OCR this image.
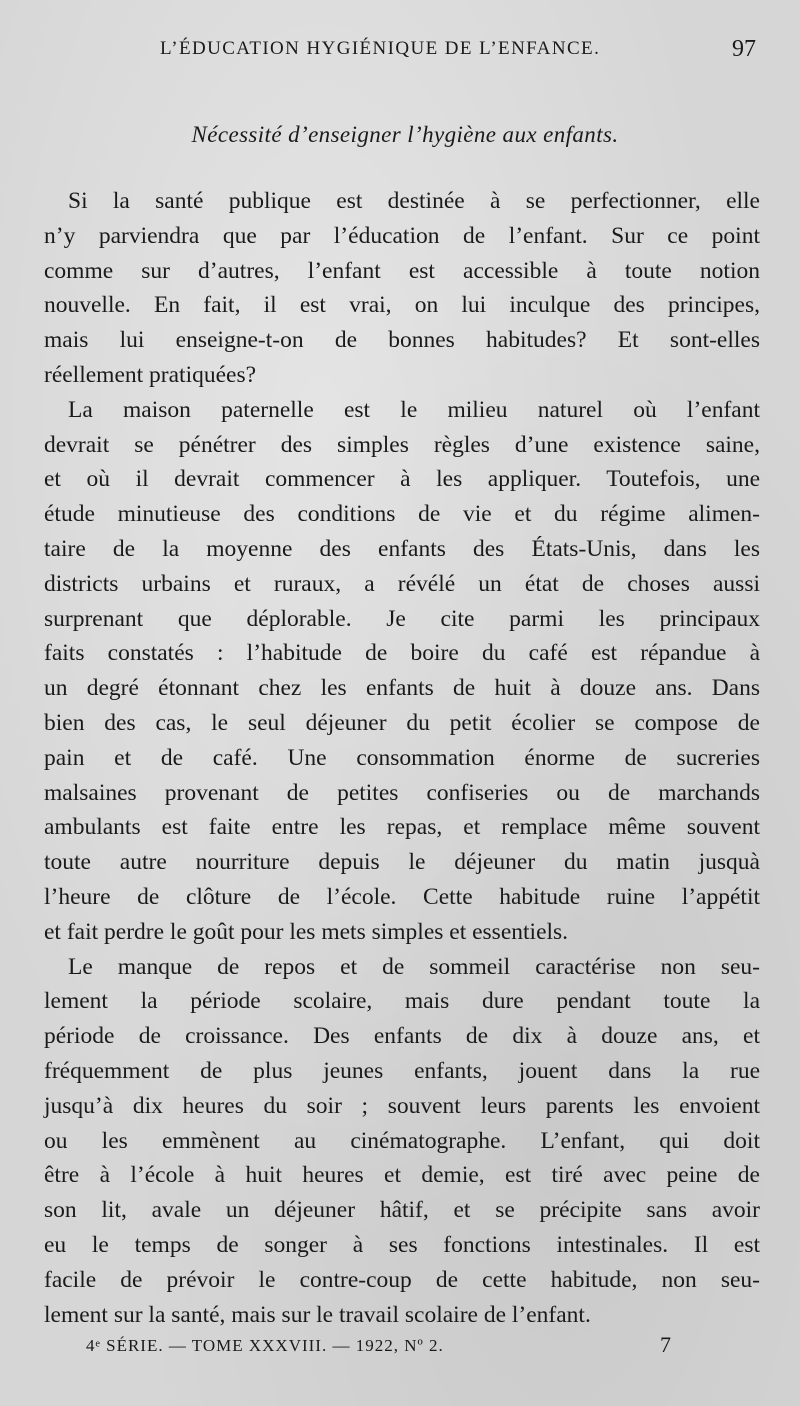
L’ÉDUCATION HYGIÉNIQUE DE L’ENFANCE.	97
Nécessité d’enseigner l’hygiène aux enfants.
Si la santé publique est destinée à se perfectionner, elle
n’y parviendra que par l’éducation de l’enfant. Sur ce point
comme sur d’autres, l’enfant est accessible à toute notion
nouvelle. En fait, il est vrai, on lui inculque des principes,
mais lui enseigne-t-on de bonnes habitudes? Et sont-elles
réellement pratiquées?
La maison paternelle est le milieu naturel où l’enfant
devrait se pénétrer des simples règles d’une existence saine,
et où il devrait commencer à les appliquer. Toutefois, une
étude minutieuse des conditions de vie et du régime alimen-
taire de la moyenne des enfants des États-Unis, dans les
districts urbains et ruraux, a révélé un état de choses aussi
surprenant que déplorable. Je cite parmi les principaux
faits constatés : l’habitude de boire du café est répandue à
un degré étonnant chez les enfants de huit à douze ans. Dans
bien des cas, le seul déjeuner du petit écolier se compose de
pain et de café. Une consommation énorme de sucreries
malsaines provenant de petites confiseries ou de marchands
ambulants est faite entre les repas, et remplace même souvent
toute autre nourriture depuis le déjeuner du matin jusquà
l’heure de clôture de l’école. Cette habitude ruine l’appétit
et fait perdre le goût pour les mets simples et essentiels.
Le manque de repos et de sommeil caractérise non seu-
lement la période scolaire, mais dure pendant toute la
période de croissance. Des enfants de dix à douze ans, et
fréquemment de plus jeunes enfants, jouent dans la rue
jusqu’à dix heures du soir ; souvent leurs parents les envoient
ou les emmènent au cinématographe. L’enfant, qui doit
être à l’école à huit heures et demie, est tiré avec peine de
son lit, avale un déjeuner hâtif, et se précipite sans avoir
eu le temps de songer à ses fonctions intestinales. Il est
facile de prévoir le contre-coup de cette habitude, non seu-
lement sur la santé, mais sur le travail scolaire de l’enfant.
4ᵉ SÉRIE. — TOME XXXVIII. — 1922, Nº 2.	7
